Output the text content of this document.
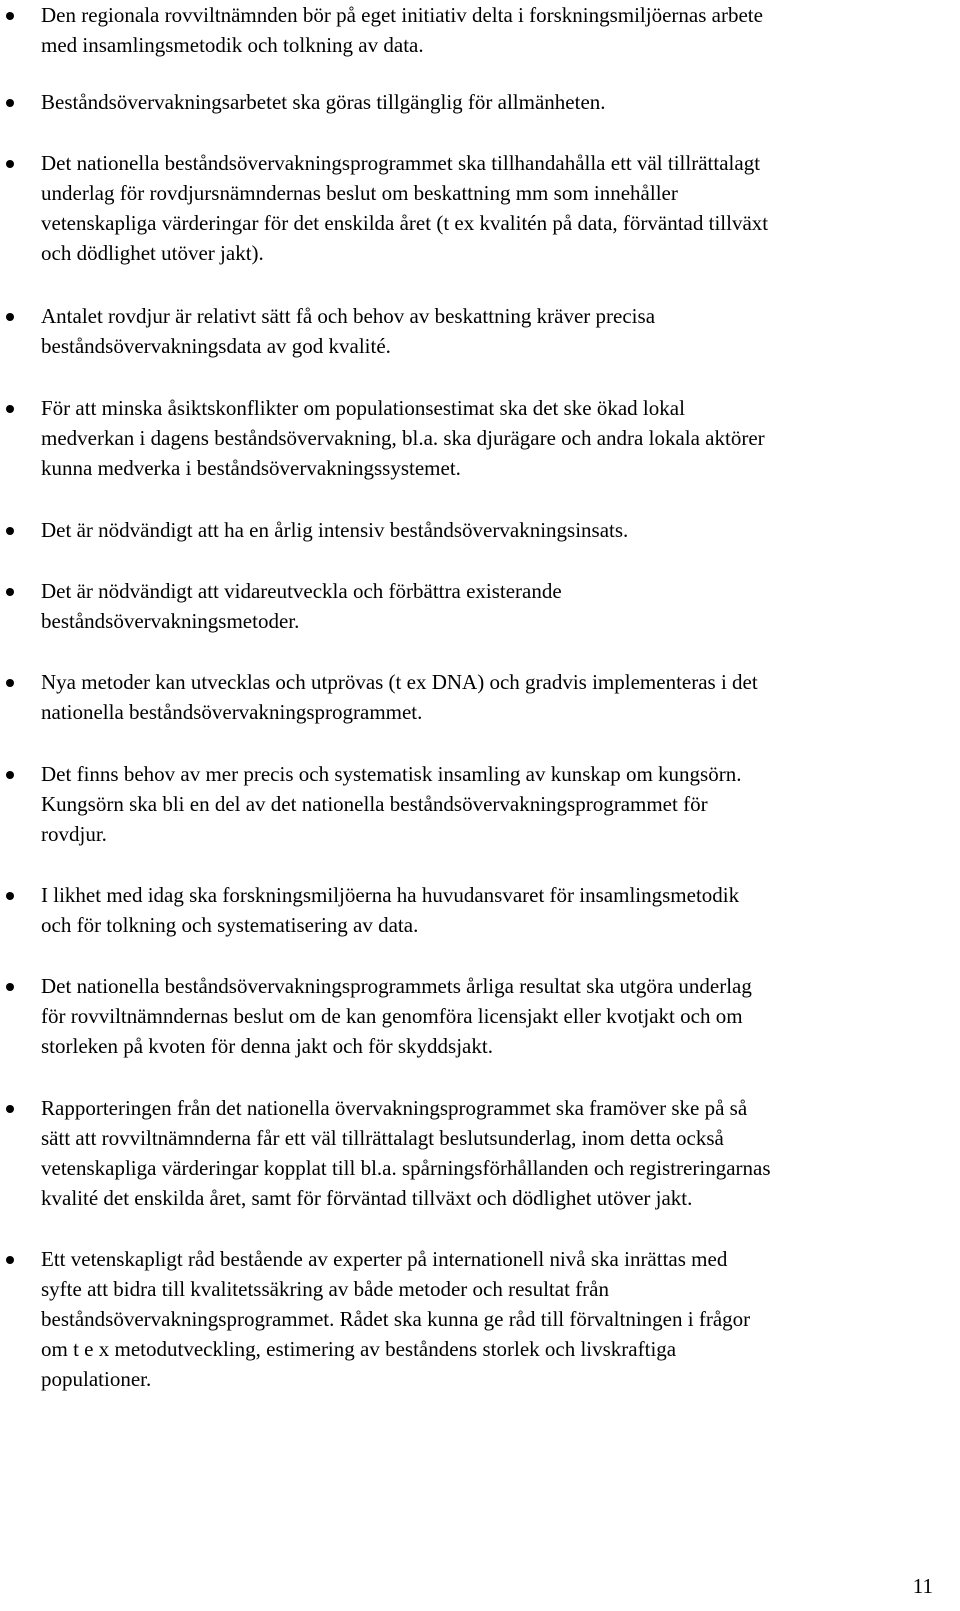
Den regionala rovviltnämnden bör på eget initiativ delta i forskningsmiljöernas arbete
med insamlingsmetodik och tolkning av data.

Beståndsövervakningsarbetet ska göras tillgänglig för allmänheten.

Det nationella beståndsövervakningsprogrammet ska tillhandahålla ett väl tillrättalagt
underlag för rovdjursnämndernas beslut om beskattning mm som innehåller
vetenskapliga värderingar för det enskilda året (t ex kvalitén på data, förväntad tillväxt
och dödlighet utöver jakt).

Antalet rovdjur är relativt sätt få och behov av beskattning kräver precisa
beståndsövervakningsdata av god kvalité.

För att minska åsiktskonflikter om populationsestimat ska det ske ökad lokal
medverkan i dagens beståndsövervakning, bl.a. ska djurägare och andra lokala aktörer
kunna medverka i beståndsövervakningssystemet.

Det är nödvändigt att ha en årlig intensiv beståndsövervakningsinsats.

Det är nödvändigt att vidareutveckla och förbättra existerande
beståndsövervakningsmetoder.

Nya metoder kan utvecklas och utprövas (t ex DNA) och gradvis implementeras i det
nationella beståndsövervakningsprogrammet.

Det finns behov av mer precis och systematisk insamling av kunskap om kungsörn.
Kungsörn ska bli en del av det nationella beståndsövervakningsprogrammet för
rovdjur.

I likhet med idag ska forskningsmiljöerna ha huvudansvaret för insamlingsmetodik
och för tolkning och systematisering av data.

Det nationella beståndsövervakningsprogrammets årliga resultat ska utgöra underlag
för rovviltnämndernas beslut om de kan genomföra licensjakt eller kvotjakt och om
storleken på kvoten för denna jakt och för skyddsjakt.

Rapporteringen från det nationella övervakningsprogrammet ska framöver ske på så
sätt att rovviltnämnderna får ett väl tillrättalagt beslutsunderlag, inom detta också
vetenskapliga värderingar kopplat till bl.a. spårningsförhållanden och registreringarnas
kvalité det enskilda året, samt för förväntad tillväxt och dödlighet utöver jakt.

Ett vetenskapligt råd bestående av experter på internationell nivå ska inrättas med
syfte att bidra till kvalitetssäkring av både metoder och resultat från
beståndsövervakningsprogrammet. Rådet ska kunna ge råd till förvaltningen i frågor
om t e x metodutveckling, estimering av beståndens storlek och livskraftiga
populationer.

11
